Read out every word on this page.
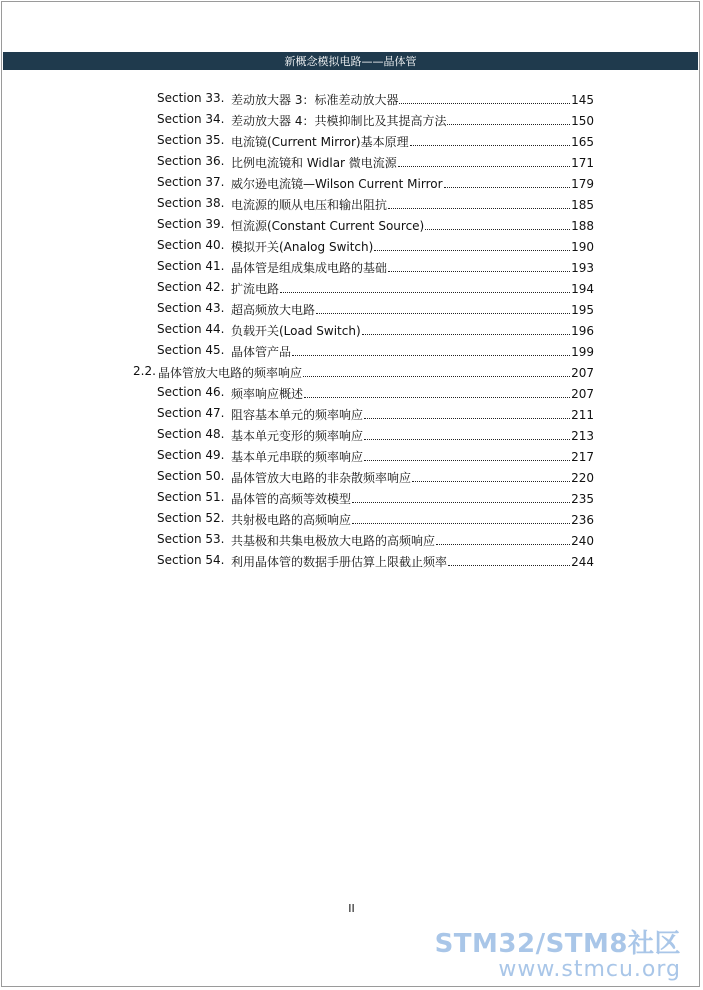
新概念模拟电路——晶体管
Section 33. 差动放大器 3：标准差动放大器	145
Section 34. 差动放大器 4：共模抑制比及其提高方法	150
Section 35. 电流镜(Current Mirror)基本原理	165
Section 36. 比例电流镜和 Widlar 微电流源	171
Section 37. 威尔逊电流镜—Wilson Current Mirror	179
Section 38. 电流源的顺从电压和输出阻抗	185
Section 39. 恒流源(Constant Current Source)	188
Section 40. 模拟开关(Analog Switch)	190
Section 41. 晶体管是组成集成电路的基础	193
Section 42. 扩流电路	194
Section 43. 超高频放大电路	195
Section 44. 负载开关(Load Switch)	196
Section 45. 晶体管产品	199
2.2. 晶体管放大电路的频率响应	207
Section 46. 频率响应概述	207
Section 47. 阻容基本单元的频率响应	211
Section 48. 基本单元变形的频率响应	213
Section 49. 基本单元串联的频率响应	217
Section 50. 晶体管放大电路的非杂散频率响应	220
Section 51. 晶体管的高频等效模型	235
Section 52. 共射极电路的高频响应	236
Section 53. 共基极和共集电极放大电路的高频响应	240
Section 54. 利用晶体管的数据手册估算上限截止频率	244
II
STM32/STM8社区
www.stmcu.org
